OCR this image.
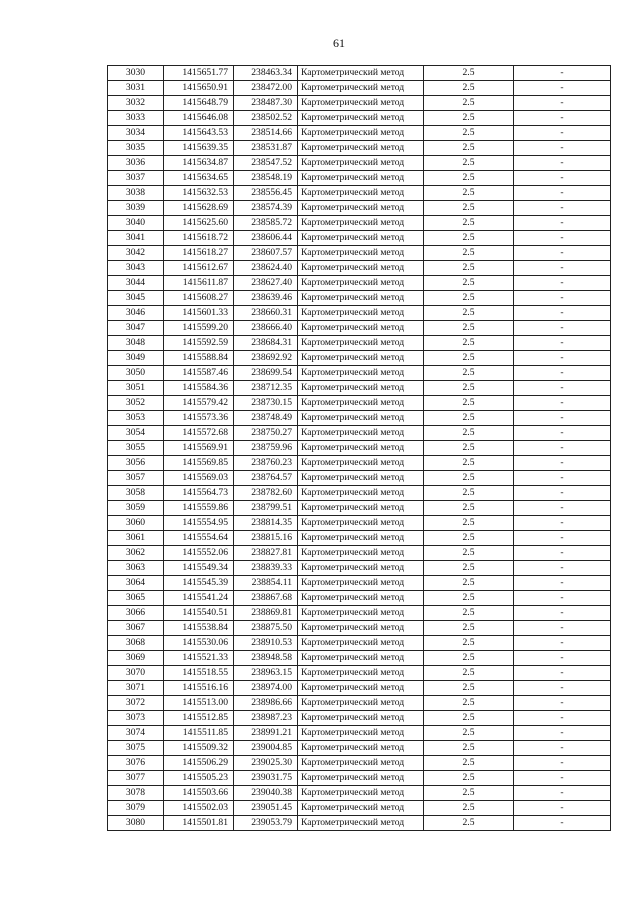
61
3030	1415651.77	238463.34	Картометрический метод	2.5	-
3031	1415650.91	238472.00	Картометрический метод	2.5	-
3032	1415648.79	238487.30	Картометрический метод	2.5	-
3033	1415646.08	238502.52	Картометрический метод	2.5	-
3034	1415643.53	238514.66	Картометрический метод	2.5	-
3035	1415639.35	238531.87	Картометрический метод	2.5	-
3036	1415634.87	238547.52	Картометрический метод	2.5	-
3037	1415634.65	238548.19	Картометрический метод	2.5	-
3038	1415632.53	238556.45	Картометрический метод	2.5	-
3039	1415628.69	238574.39	Картометрический метод	2.5	-
3040	1415625.60	238585.72	Картометрический метод	2.5	-
3041	1415618.72	238606.44	Картометрический метод	2.5	-
3042	1415618.27	238607.57	Картометрический метод	2.5	-
3043	1415612.67	238624.40	Картометрический метод	2.5	-
3044	1415611.87	238627.40	Картометрический метод	2.5	-
3045	1415608.27	238639.46	Картометрический метод	2.5	-
3046	1415601.33	238660.31	Картометрический метод	2.5	-
3047	1415599.20	238666.40	Картометрический метод	2.5	-
3048	1415592.59	238684.31	Картометрический метод	2.5	-
3049	1415588.84	238692.92	Картометрический метод	2.5	-
3050	1415587.46	238699.54	Картометрический метод	2.5	-
3051	1415584.36	238712.35	Картометрический метод	2.5	-
3052	1415579.42	238730.15	Картометрический метод	2.5	-
3053	1415573.36	238748.49	Картометрический метод	2.5	-
3054	1415572.68	238750.27	Картометрический метод	2.5	-
3055	1415569.91	238759.96	Картометрический метод	2.5	-
3056	1415569.85	238760.23	Картометрический метод	2.5	-
3057	1415569.03	238764.57	Картометрический метод	2.5	-
3058	1415564.73	238782.60	Картометрический метод	2.5	-
3059	1415559.86	238799.51	Картометрический метод	2.5	-
3060	1415554.95	238814.35	Картометрический метод	2.5	-
3061	1415554.64	238815.16	Картометрический метод	2.5	-
3062	1415552.06	238827.81	Картометрический метод	2.5	-
3063	1415549.34	238839.33	Картометрический метод	2.5	-
3064	1415545.39	238854.11	Картометрический метод	2.5	-
3065	1415541.24	238867.68	Картометрический метод	2.5	-
3066	1415540.51	238869.81	Картометрический метод	2.5	-
3067	1415538.84	238875.50	Картометрический метод	2.5	-
3068	1415530.06	238910.53	Картометрический метод	2.5	-
3069	1415521.33	238948.58	Картометрический метод	2.5	-
3070	1415518.55	238963.15	Картометрический метод	2.5	-
3071	1415516.16	238974.00	Картометрический метод	2.5	-
3072	1415513.00	238986.66	Картометрический метод	2.5	-
3073	1415512.85	238987.23	Картометрический метод	2.5	-
3074	1415511.85	238991.21	Картометрический метод	2.5	-
3075	1415509.32	239004.85	Картометрический метод	2.5	-
3076	1415506.29	239025.30	Картометрический метод	2.5	-
3077	1415505.23	239031.75	Картометрический метод	2.5	-
3078	1415503.66	239040.38	Картометрический метод	2.5	-
3079	1415502.03	239051.45	Картометрический метод	2.5	-
3080	1415501.81	239053.79	Картометрический метод	2.5	-
